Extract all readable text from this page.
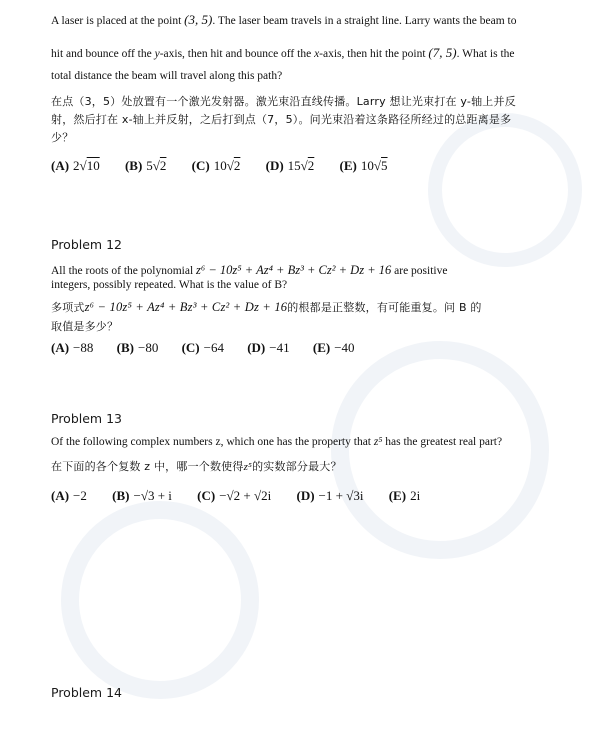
A laser is placed at the point (3, 5). The laser beam travels in a straight line. Larry wants the beam to
hit and bounce off the y-axis, then hit and bounce off the x-axis, then hit the point (7, 5). What is the
total distance the beam will travel along this path?
在点（3，5）处放置有一个激光发射器。激光束沿直线传播。Larry 想让光束打在 y-轴上并反
射，然后打在 x-轴上并反射，之后打到点（7，5）。问光束沿着这条路径所经过的总距离是多
少？
(A) 2√10 (B) 5√2 (C) 10√2 (D) 15√2 (E) 10√5
Problem 12
All the roots of the polynomial z⁶ − 10z⁵ + Az⁴ + Bz³ + Cz² + Dz + 16 are positive
integers, possibly repeated. What is the value of B?
多项式z⁶ − 10z⁵ + Az⁴ + Bz³ + Cz² + Dz + 16的根都是正整数，有可能重复。问 B 的
取值是多少？
(A) −88 (B) −80 (C) −64 (D) −41 (E) −40
Problem 13
Of the following complex numbers z, which one has the property that z⁵ has the greatest real part?
在下面的各个复数 z 中，哪一个数使得z⁵的实数部分最大？
(A) −2 (B) −√3 + i (C) −√2 + √2i (D) −1 + √3i (E) 2i
Problem 14
